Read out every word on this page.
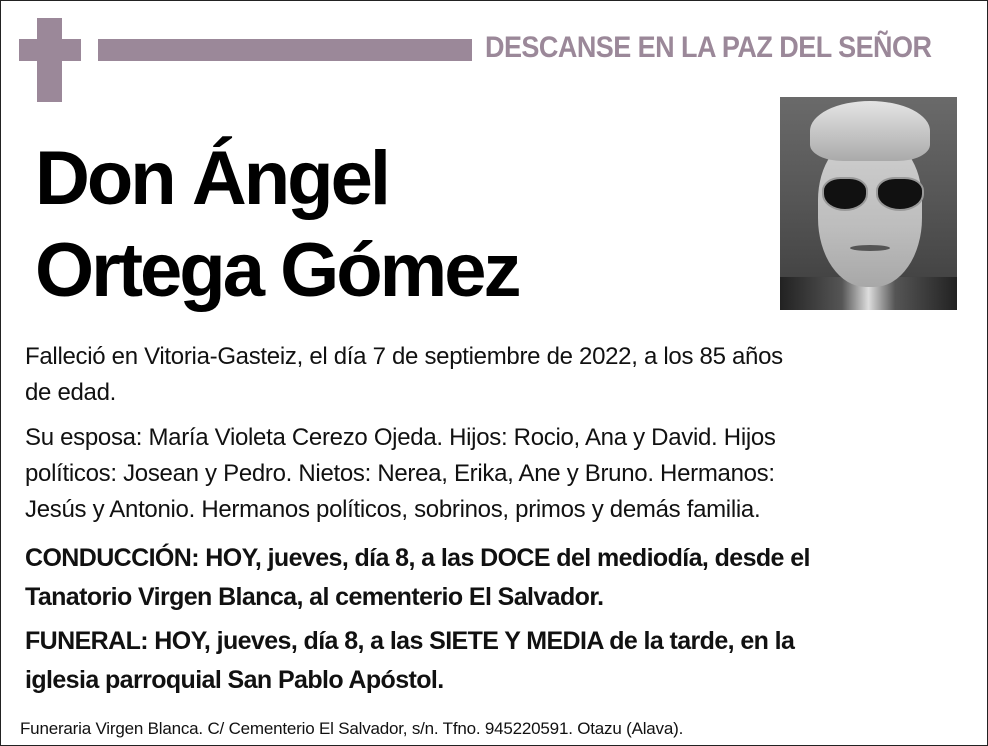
DESCANSE EN LA PAZ DEL SEÑOR
Don Ángel
Ortega Gómez
Falleció en Vitoria-Gasteiz, el día 7 de septiembre de 2022, a los 85 años
de edad.
Su esposa: María Violeta Cerezo Ojeda. Hijos: Rocio, Ana y David. Hijos
políticos: Josean y Pedro. Nietos: Nerea, Erika, Ane y Bruno. Hermanos:
Jesús y Antonio. Hermanos políticos, sobrinos, primos y demás familia.
CONDUCCIÓN: HOY, jueves, día 8, a las DOCE del mediodía, desde el
Tanatorio Virgen Blanca, al cementerio El Salvador.
FUNERAL: HOY, jueves, día 8, a las SIETE Y MEDIA de la tarde, en la
iglesia parroquial San Pablo Apóstol.
Funeraria Virgen Blanca. C/ Cementerio El Salvador, s/n. Tfno. 945220591. Otazu (Alava).
